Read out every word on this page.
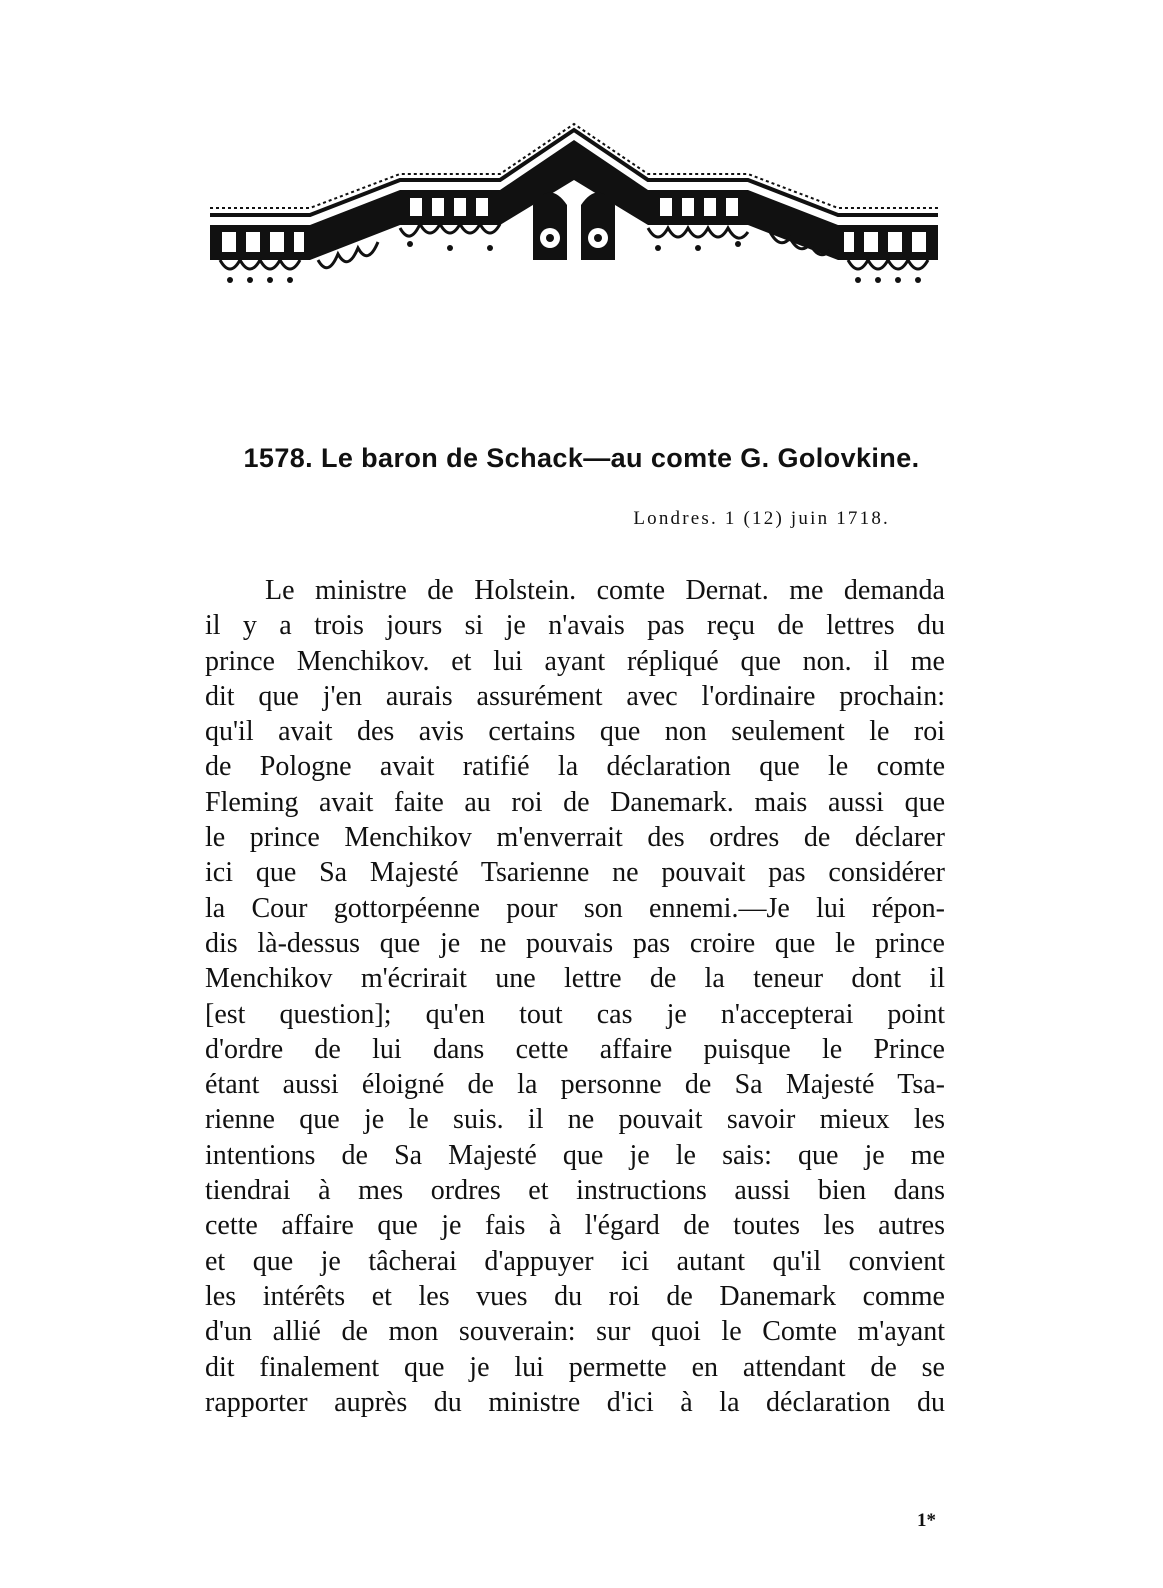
1578. Le baron de Schack—au comte G. Golovkine.
Londres. 1 (12) juin 1718.
Le ministre de Holstein. comte Dernat. me demanda
il y a trois jours si je n'avais pas reçu de lettres du
prince Menchikov. et lui ayant répliqué que non. il me
dit que j'en aurais assurément avec l'ordinaire prochain:
qu'il avait des avis certains que non seulement le roi
de Pologne avait ratifié la déclaration que le comte
Fleming avait faite au roi de Danemark. mais aussi que
le prince Menchikov m'enverrait des ordres de déclarer
ici que Sa Majesté Tsarienne ne pouvait pas considérer
la Cour gottorpéenne pour son ennemi.—Je lui répon-
dis là-dessus que je ne pouvais pas croire que le prince
Menchikov m'écrirait une lettre de la teneur dont il
[est question]; qu'en tout cas je n'accepterai point
d'ordre de lui dans cette affaire puisque le Prince
étant aussi éloigné de la personne de Sa Majesté Tsa-
rienne que je le suis. il ne pouvait savoir mieux les
intentions de Sa Majesté que je le sais: que je me
tiendrai à mes ordres et instructions aussi bien dans
cette affaire que je fais à l'égard de toutes les autres
et que je tâcherai d'appuyer ici autant qu'il convient
les intérêts et les vues du roi de Danemark comme
d'un allié de mon souverain: sur quoi le Comte m'ayant
dit finalement que je lui permette en attendant de se
rapporter auprès du ministre d'ici à la déclaration du
1*
